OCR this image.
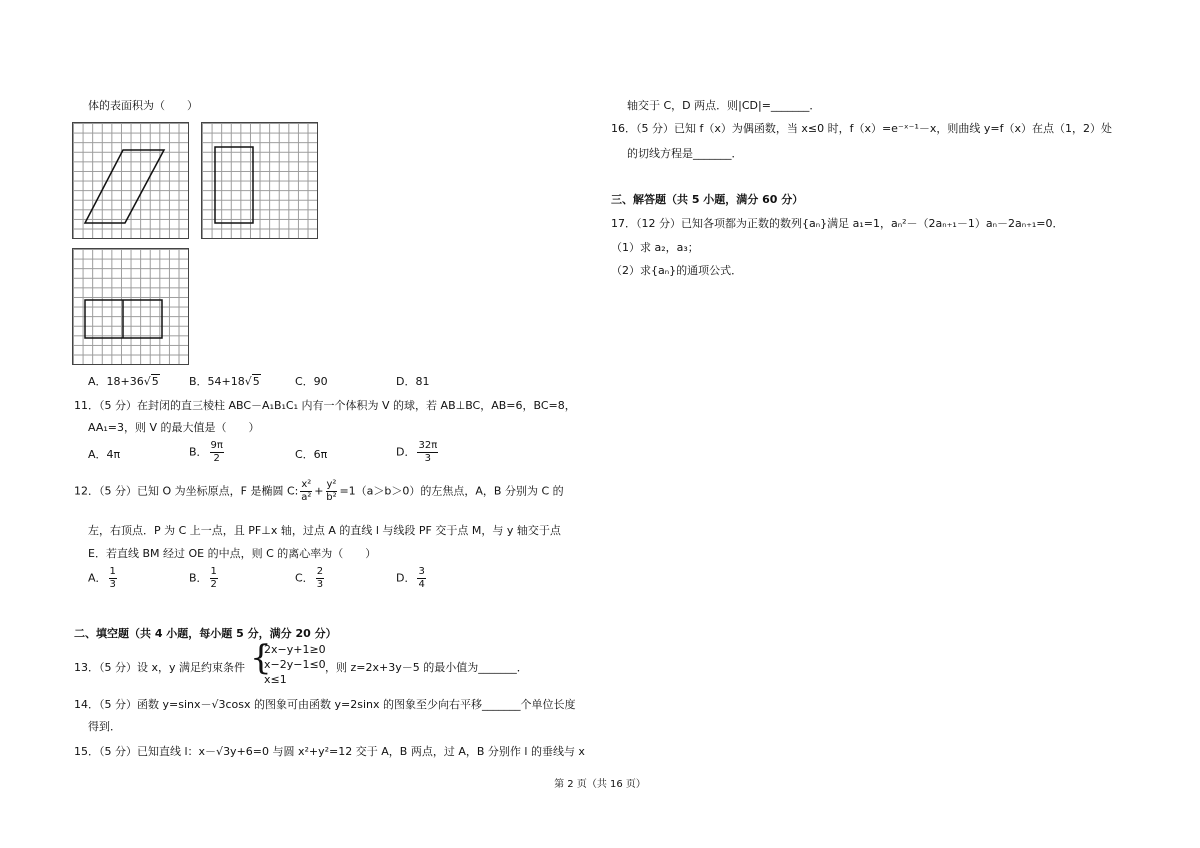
体的表面积为（　　）
A．18+36√5	B．54+18√5	C．90	D．81
11．（5 分）在封闭的直三棱柱 ABC－A₁B₁C₁ 内有一个体积为 V 的球，若 AB⊥BC，AB=6，BC=8，
AA₁=3，则 V 的最大值是（　　）
A．4π	B． $\frac{9\pi}{2}$	C．6π	D． $\frac{32\pi}{3}$
12．（5 分）已知 O 为坐标原点，F 是椭圆 C: $\frac{\text{x²}}{\text{a²}} + \frac{\text{y²}}{\text{b²}} =1(a>b>0)$的左焦点，A，B 分别为 C 的
左，右顶点．P 为 C 上一点，且 PF⊥x 轴，过点 A 的直线 l 与线段 PF 交于点 M，与 y 轴交于点
E．若直线 BM 经过 OE 的中点，则 C 的离心率为（　　）
A． $\frac{1}{3}$	B． $\frac{1}{2}$	C． $\frac{2}{3}$	D． $\frac{3}{4}$
二、填空题（共 4 小题，每小题 5 分，满分 20 分）
13．（5 分）设 x，y 满足约束条件 {
2x−y+1≥0
x−2y−1≤0
x≤1
，则 z=2x+3y－5 的最小值为_______．
14．（5 分）函数 y=sinx－√3cosx 的图象可由函数 y=2sinx 的图象至少向右平移_______个单位长度
得到．
15．（5 分）已知直线 l：x－√3y+6=0 与圆 x²+y²=12 交于 A，B 两点，过 A，B 分别作 l 的垂线与 x
轴交于 C，D 两点．则|CD|=_______．
16．（5 分）已知 f（x）为偶函数，当 x≤0 时，f（x）=e⁻ˣ⁻¹－x，则曲线 y=f（x）在点（1，2）处
的切线方程是_______．
三、解答题（共 5 小题，满分 60 分）
17．（12 分）已知各项都为正数的数列{aₙ}满足 a₁=1，aₙ²－（2aₙ₊₁－1）aₙ－2aₙ₊₁=0．
（1）求 a₂，a₃；
（2）求{aₙ}的通项公式．
第 2 页（共 16 页）
